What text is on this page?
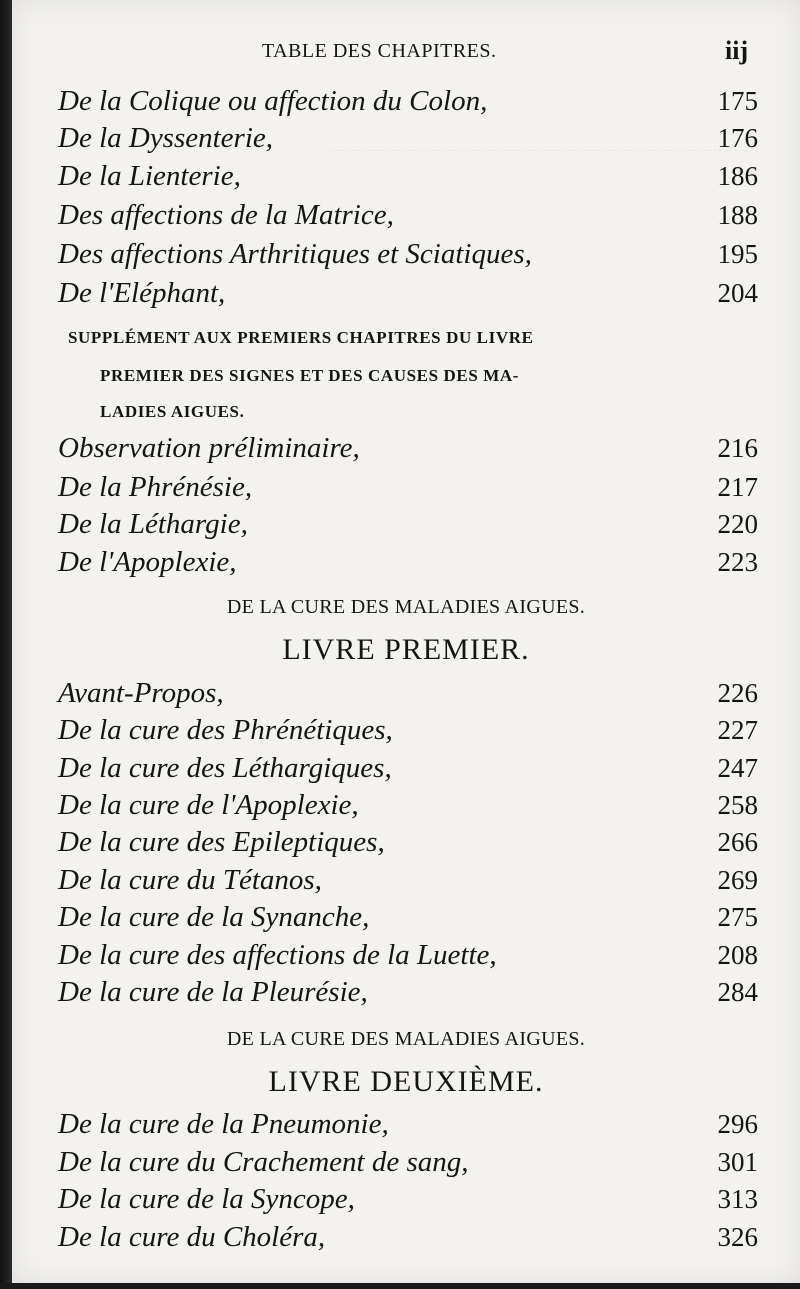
TABLE DES CHAPITRES.	iij
De la Colique ou affection du Colon,	175
De la Dyssenterie,	176
De la Lienterie,	186
Des affections de la Matrice,	188
Des affections Arthritiques et Sciatiques,	195
De l'Eléphant,	204
SUPPLÉMENT AUX PREMIERS CHAPITRES DU LIVRE
PREMIER DES SIGNES ET DES CAUSES DES MA-
LADIES AIGUES.
Observation préliminaire,	216
De la Phrénésie,	217
De la Léthargie,	220
De l'Apoplexie,	223
DE LA CURE DES MALADIES AIGUES.
LIVRE PREMIER.
Avant-Propos,	226
De la cure des Phrénétiques,	227
De la cure des Léthargiques,	247
De la cure de l'Apoplexie,	258
De la cure des Epileptiques,	266
De la cure du Tétanos,	269
De la cure de la Synanche,	275
De la cure des affections de la Luette,	208
De la cure de la Pleurésie,	284
DE LA CURE DES MALADIES AIGUES.
LIVRE DEUXIÈME.
De la cure de la Pneumonie,	296
De la cure du Crachement de sang,	301
De la cure de la Syncope,	313
De la cure du Choléra,	326
